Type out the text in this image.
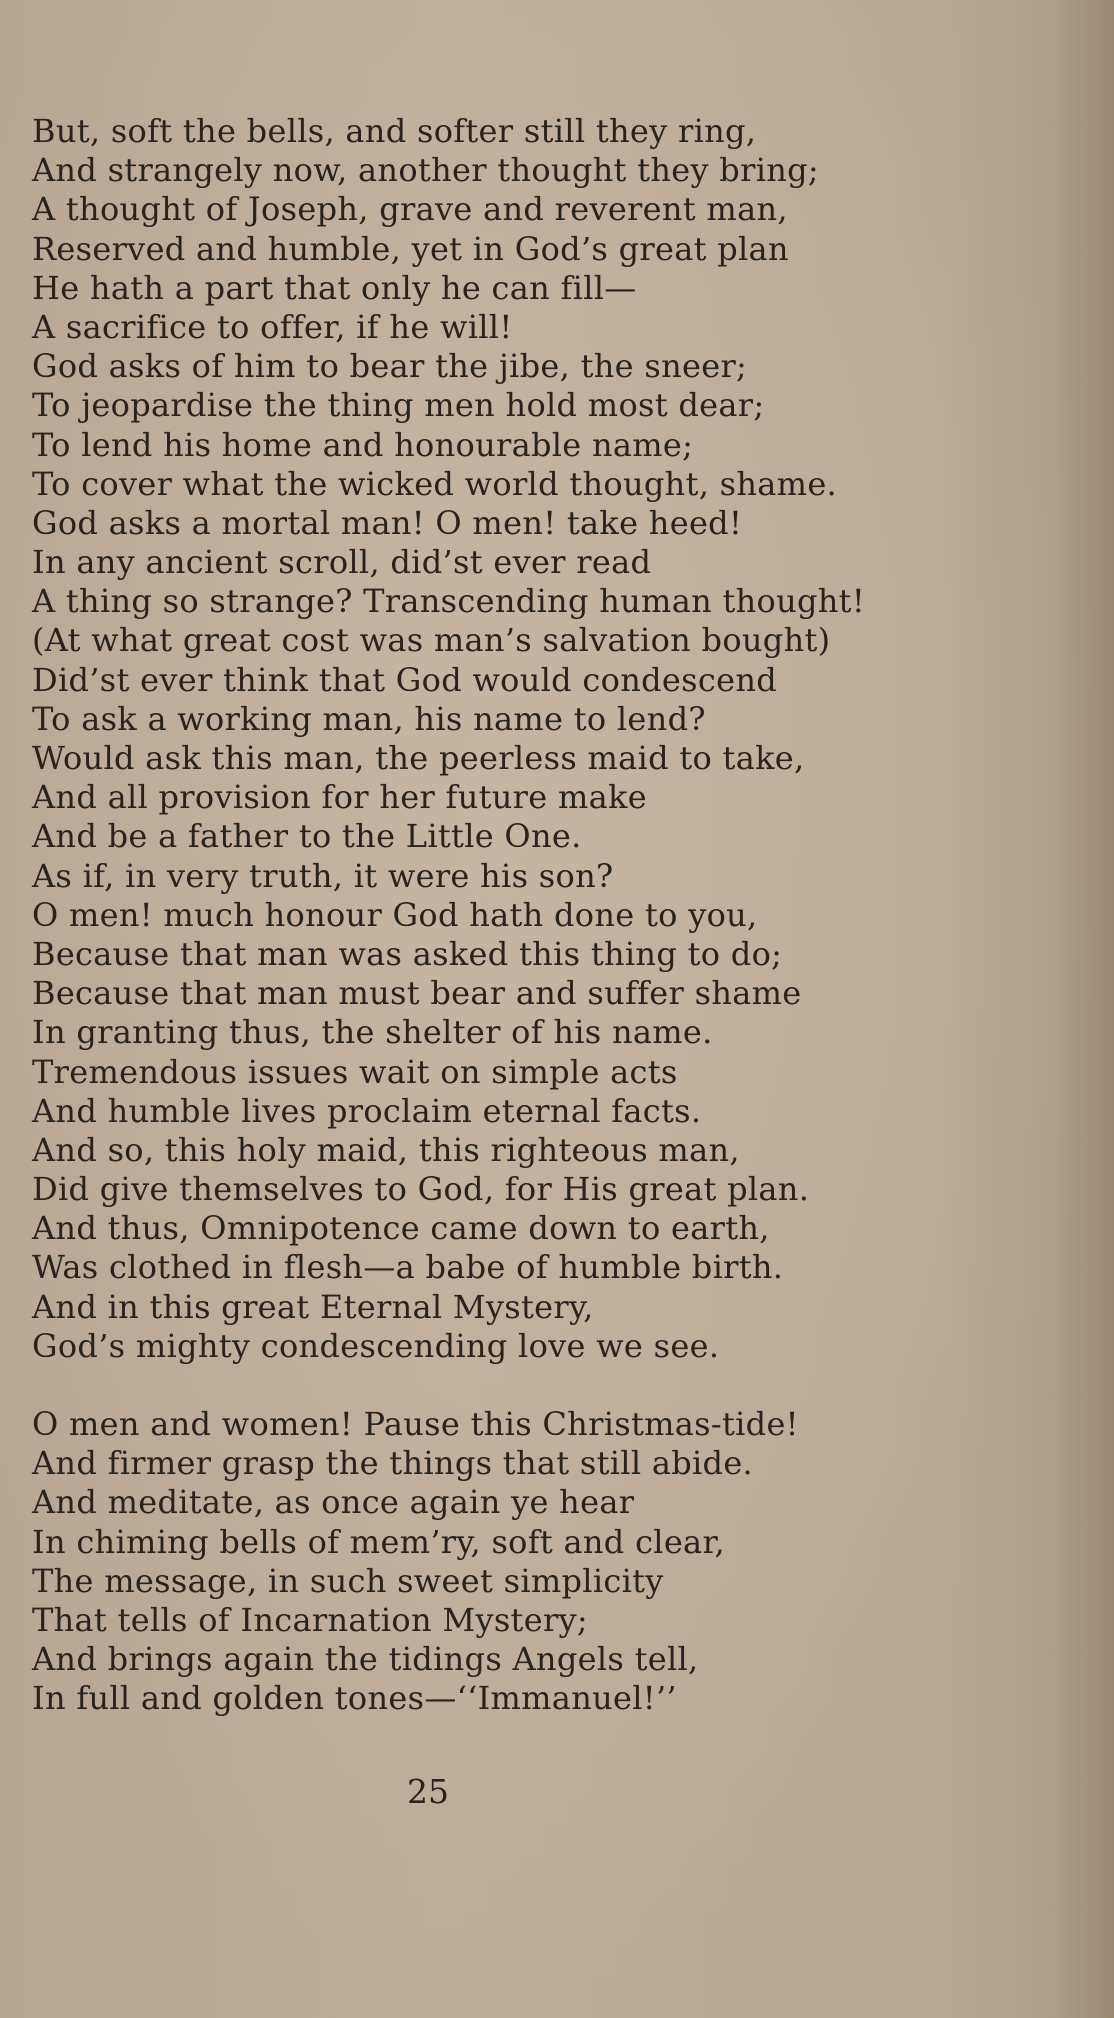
But, soft the bells, and softer still they ring,
And strangely now, another thought they bring;
A thought of Joseph, grave and reverent man,
Reserved and humble, yet in God’s great plan
He hath a part that only he can fill—
A sacrifice to offer, if he will!
God asks of him to bear the jibe, the sneer;
To jeopardise the thing men hold most dear;
To lend his home and honourable name;
To cover what the wicked world thought, shame.
God asks a mortal man! O men! take heed!
In any ancient scroll, did’st ever read
A thing so strange? Transcending human thought!
(At what great cost was man’s salvation bought)
Did’st ever think that God would condescend
To ask a working man, his name to lend?
Would ask this man, the peerless maid to take,
And all provision for her future make
And be a father to the Little One.
As if, in very truth, it were his son?
O men! much honour God hath done to you,
Because that man was asked this thing to do;
Because that man must bear and suffer shame
In granting thus, the shelter of his name.
Tremendous issues wait on simple acts
And humble lives proclaim eternal facts.
And so, this holy maid, this righteous man,
Did give themselves to God, for His great plan.
And thus, Omnipotence came down to earth,
Was clothed in flesh—a babe of humble birth.
And in this great Eternal Mystery,
God’s mighty condescending love we see.
O men and women! Pause this Christmas-tide!
And firmer grasp the things that still abide.
And meditate, as once again ye hear
In chiming bells of mem’ry, soft and clear,
The message, in such sweet simplicity
That tells of Incarnation Mystery;
And brings again the tidings Angels tell,
In full and golden tones—‘‘Immanuel!’’
25
